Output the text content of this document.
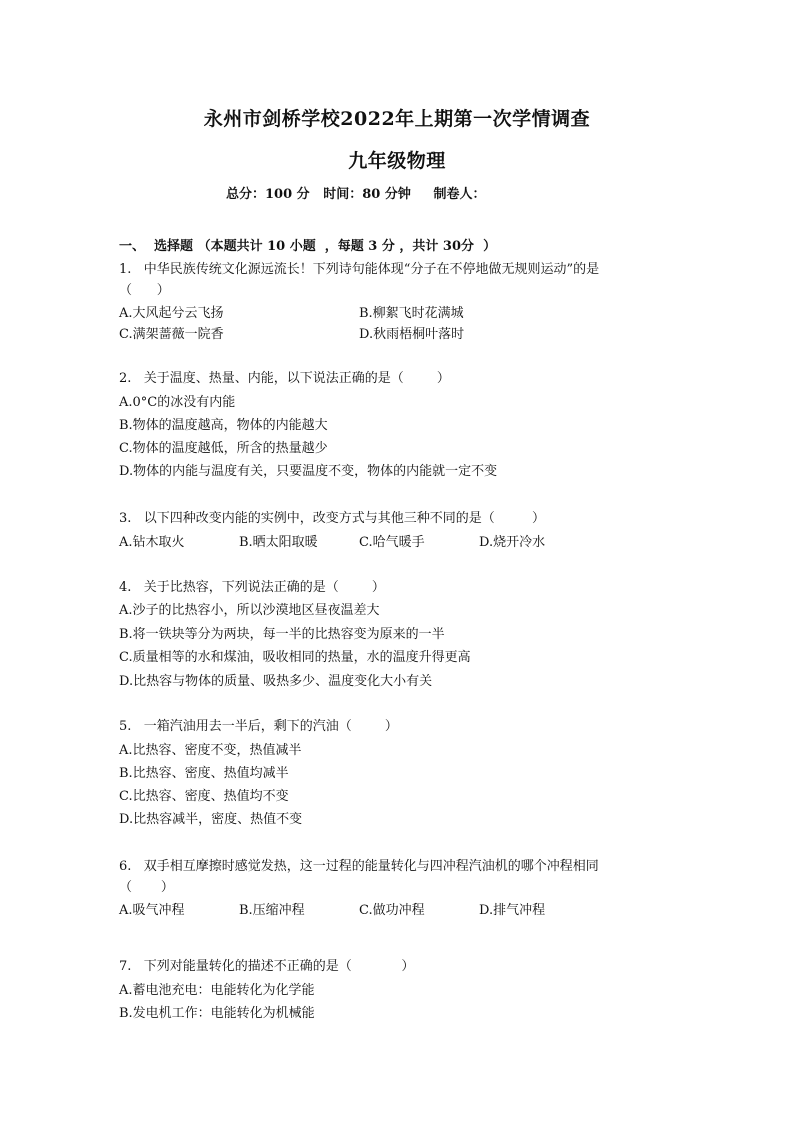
永州市剑桥学校2022年上期第一次学情调查
九年级物理
总分：100 分   时间：80 分钟     制卷人：
一、  选择题 （本题共计 10 小题  ，每题 3 分 ，共计 30分  ）
1.   中华民族传统文化源远流长！下列诗句能体现“分子在不停地做无规则运动”的是
（      ）
A.大风起兮云飞扬	B.柳絮飞时花满城
C.满架蔷薇一院香	D.秋雨梧桐叶落时
2.   关于温度、热量、内能，以下说法正确的是（        ）
A.0°C的冰没有内能
B.物体的温度越高，物体的内能越大
C.物体的温度越低，所含的热量越少
D.物体的内能与温度有关，只要温度不变，物体的内能就一定不变
3.   以下四种改变内能的实例中，改变方式与其他三种不同的是（         ）
A.钻木取火	B.晒太阳取暖	C.哈气暖手	D.烧开冷水
4.   关于比热容，下列说法正确的是（        ）
A.沙子的比热容小，所以沙漠地区昼夜温差大
B.将一铁块等分为两块，每一半的比热容变为原来的一半
C.质量相等的水和煤油，吸收相同的热量，水的温度升得更高
D.比热容与物体的质量、吸热多少、温度变化大小有关
5.   一箱汽油用去一半后，剩下的汽油（        ）
A.比热容、密度不变，热值减半
B.比热容、密度、热值均减半
C.比热容、密度、热值均不变
D.比热容减半，密度、热值不变
6.   双手相互摩擦时感觉发热，这一过程的能量转化与四冲程汽油机的哪个冲程相同
（       ）
A.吸气冲程	B.压缩冲程	C.做功冲程	D.排气冲程
7.   下列对能量转化的描述不正确的是（            ）
A.蓄电池充电：电能转化为化学能
B.发电机工作：电能转化为机械能
